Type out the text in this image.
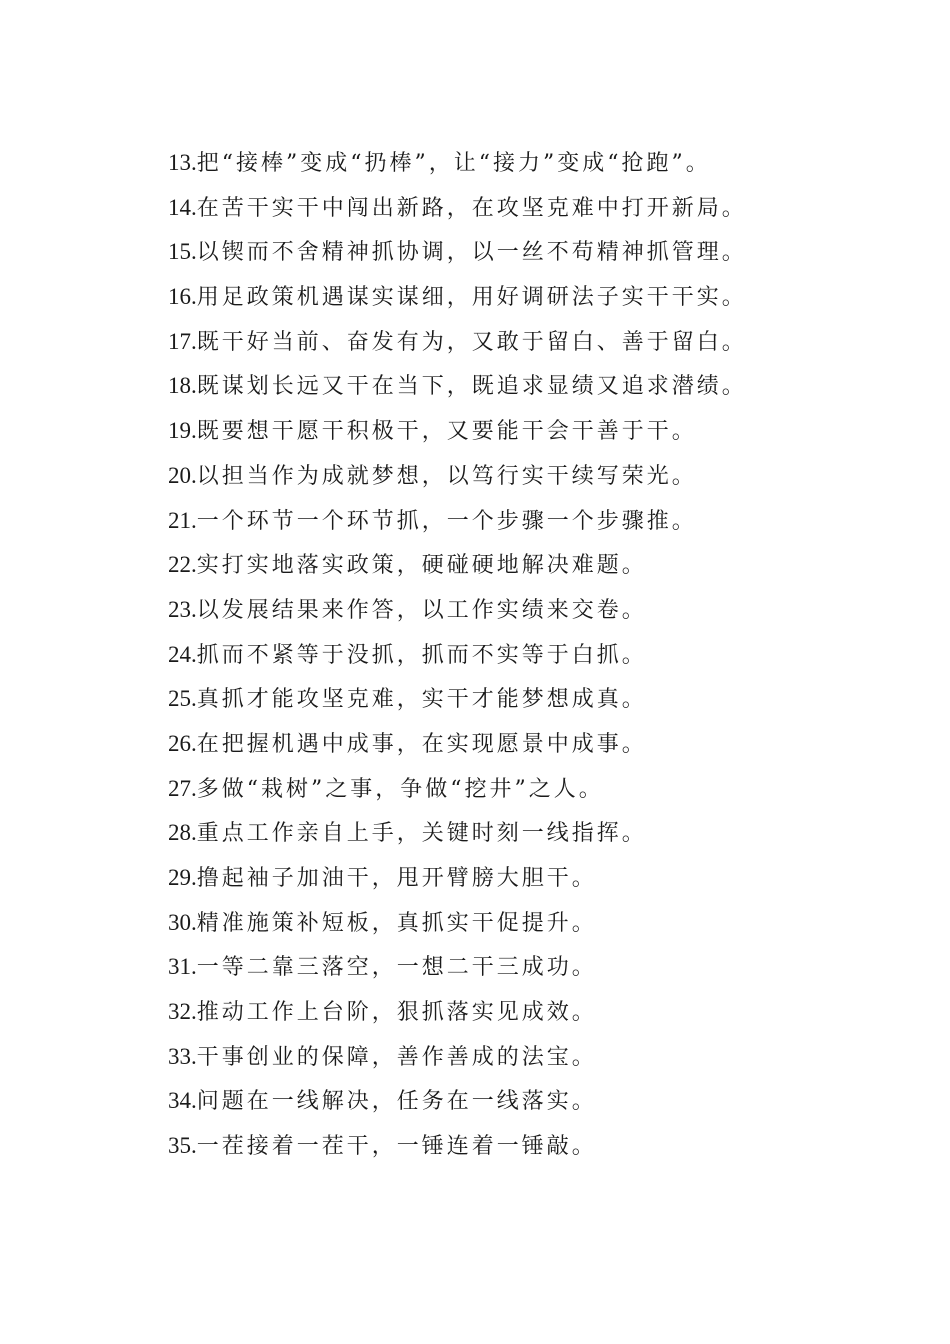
13.把“接棒”变成“扔棒”，让“接力”变成“抢跑”。
14.在苦干实干中闯出新路，在攻坚克难中打开新局。
15.以锲而不舍精神抓协调，以一丝不苟精神抓管理。
16.用足政策机遇谋实谋细，用好调研法子实干干实。
17.既干好当前、奋发有为，又敢于留白、善于留白。
18.既谋划长远又干在当下，既追求显绩又追求潜绩。
19.既要想干愿干积极干，又要能干会干善于干。
20.以担当作为成就梦想，以笃行实干续写荣光。
21.一个环节一个环节抓，一个步骤一个步骤推。
22.实打实地落实政策，硬碰硬地解决难题。
23.以发展结果来作答，以工作实绩来交卷。
24.抓而不紧等于没抓，抓而不实等于白抓。
25.真抓才能攻坚克难，实干才能梦想成真。
26.在把握机遇中成事，在实现愿景中成事。
27.多做“栽树”之事，争做“挖井”之人。
28.重点工作亲自上手，关键时刻一线指挥。
29.撸起袖子加油干，甩开臂膀大胆干。
30.精准施策补短板，真抓实干促提升。
31.一等二靠三落空，一想二干三成功。
32.推动工作上台阶，狠抓落实见成效。
33.干事创业的保障，善作善成的法宝。
34.问题在一线解决，任务在一线落实。
35.一茬接着一茬干，一锤连着一锤敲。
